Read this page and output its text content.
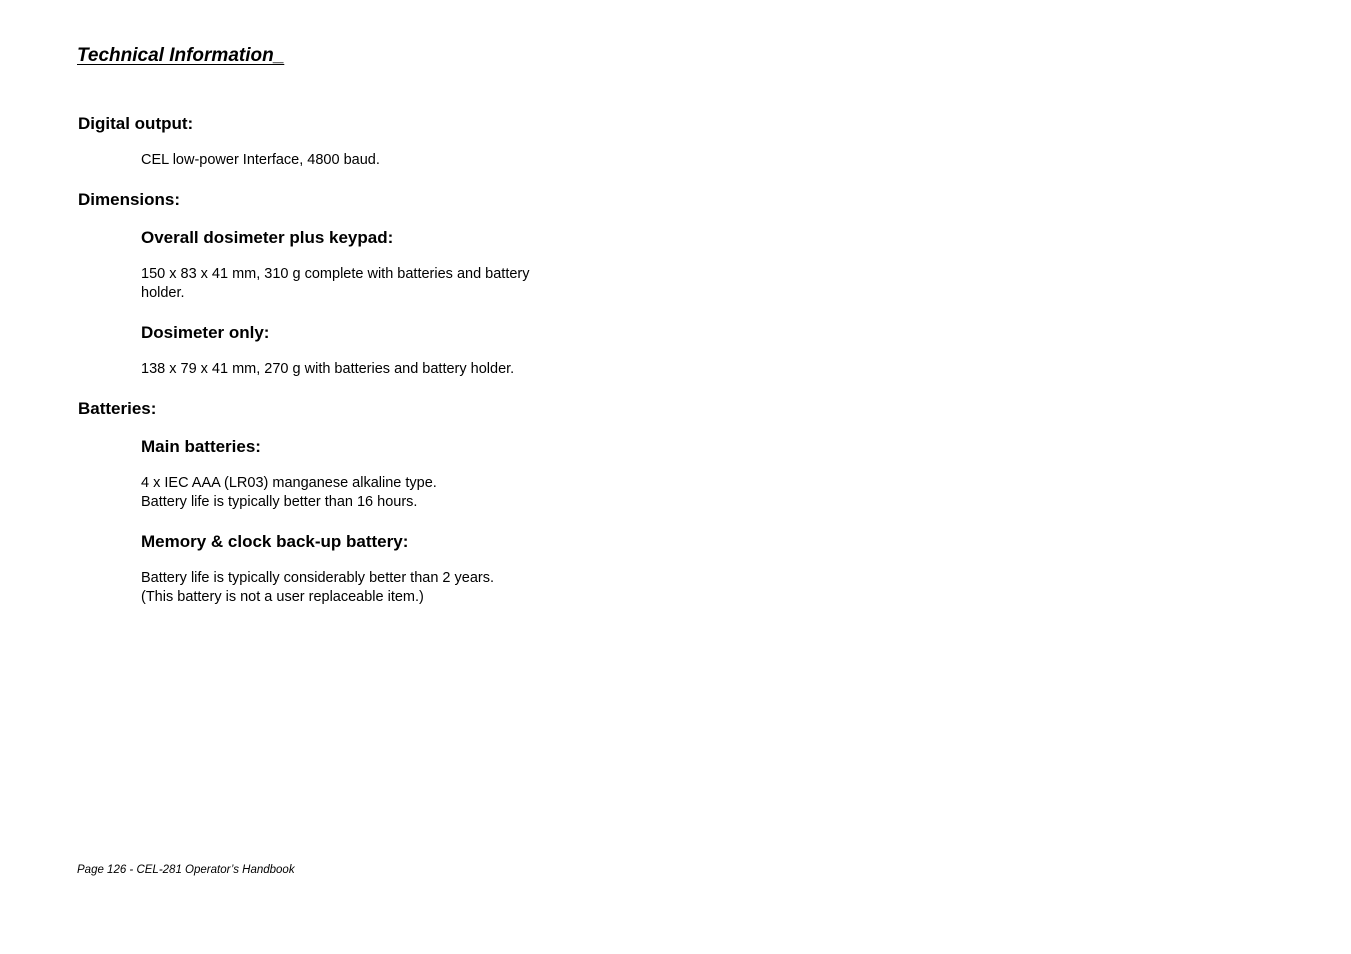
Technical Information_
Digital output:
CEL low-power Interface, 4800 baud.
Dimensions:
Overall dosimeter plus keypad:
150 x 83 x 41 mm, 310 g complete with batteries and battery
holder.
Dosimeter only:
138 x 79 x 41 mm, 270 g with batteries and battery holder.
Batteries:
Main batteries:
4 x IEC AAA (LR03) manganese alkaline type.
Battery life is typically better than 16 hours.
Memory & clock back-up battery:
Battery life is typically considerably better than 2 years.
(This battery is not a user replaceable item.)
Page 126 - CEL-281 Operator’s Handbook
